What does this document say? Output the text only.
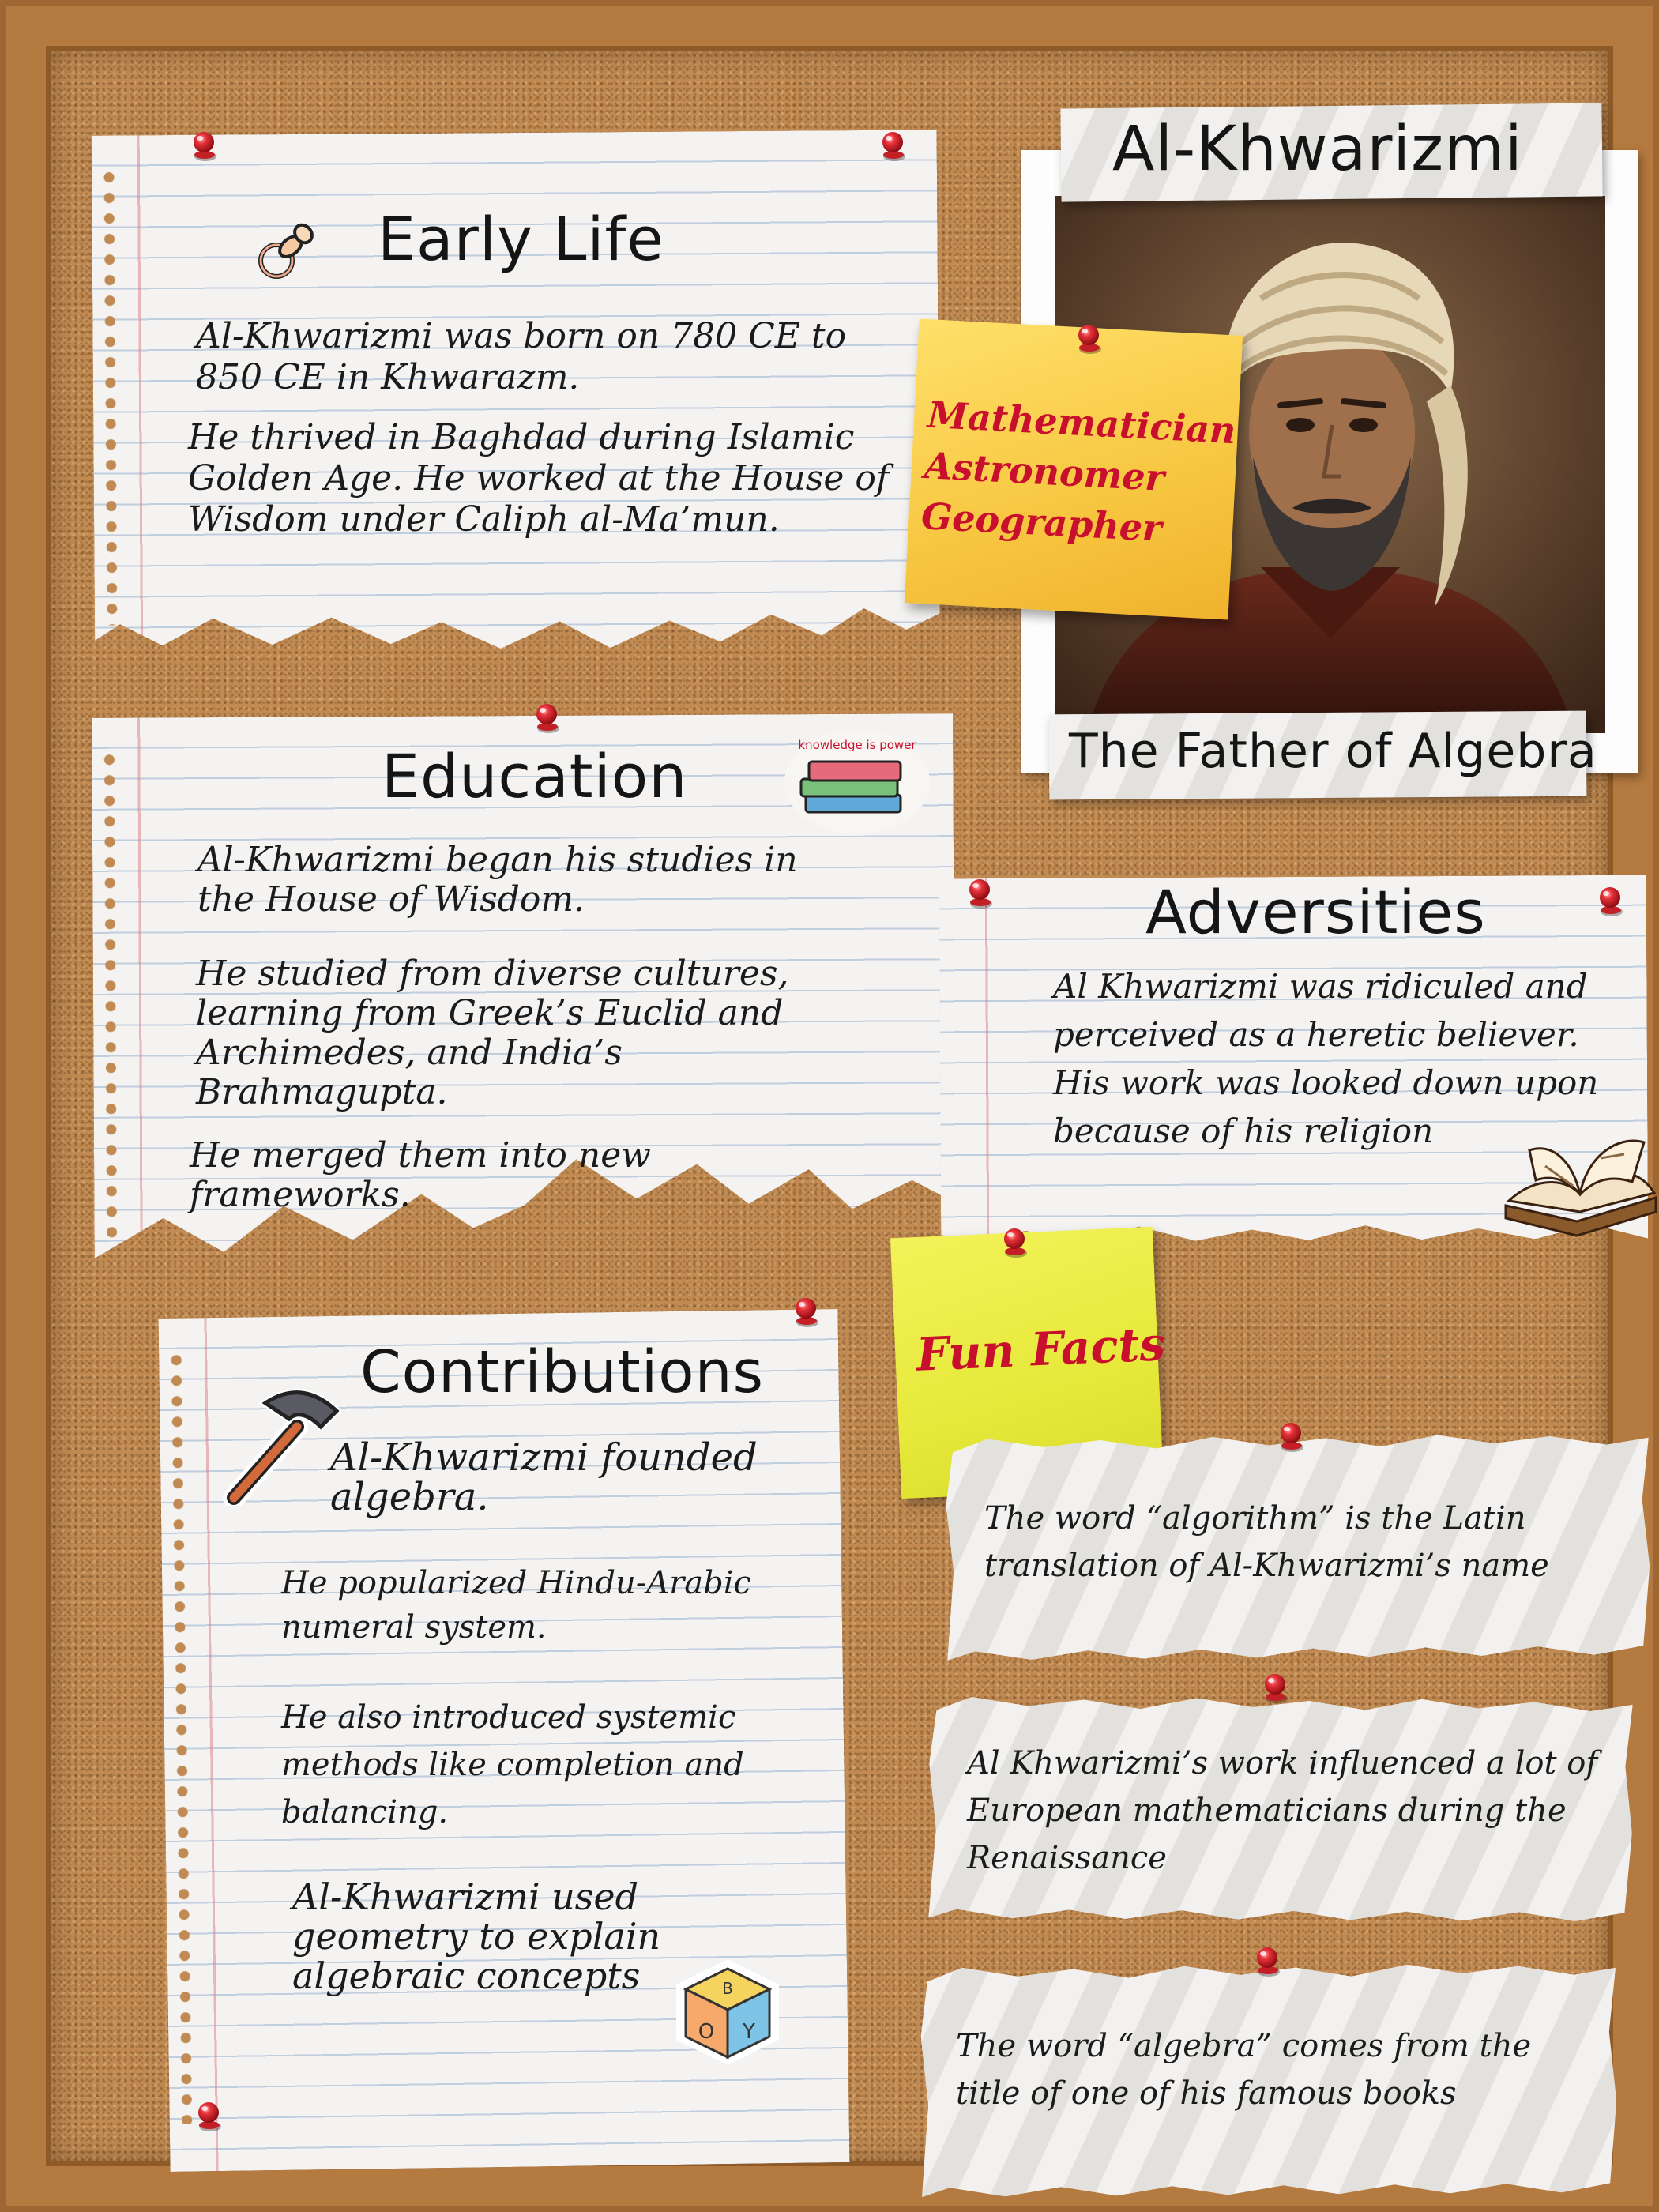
Early Life
Al-Khwarizmi was born on 780 CE to 850 CE in Khwarazm.
He thrived in Baghdad during Islamic Golden Age. He worked at the House of Wisdom under Caliph al-Ma’mun.
Al-Khwarizmi
The Father of Algebra
Mathematician
Astronomer
Geographer
Education	knowledge is power
Al-Khwarizmi began his studies in the House of Wisdom.
He studied from diverse cultures, learning from Greek’s Euclid and Archimedes, and India’s Brahmagupta.
He merged them into new frameworks.
Adversities
Al Khwarizmi was ridiculed and perceived as a heretic believer. His work was looked down upon because of his religion
Contributions
Al-Khwarizmi founded algebra.
He popularized Hindu-Arabic numeral system.
He also introduced systemic methods like completion and balancing.
Al-Khwarizmi used geometry to explain algebraic concepts	B
O Y
Fun Facts
The word “algorithm” is the Latin translation of Al-Khwarizmi’s name
Al Khwarizmi’s work influenced a lot of European mathematicians during the Renaissance
The word “algebra” comes from the title of one of his famous books
